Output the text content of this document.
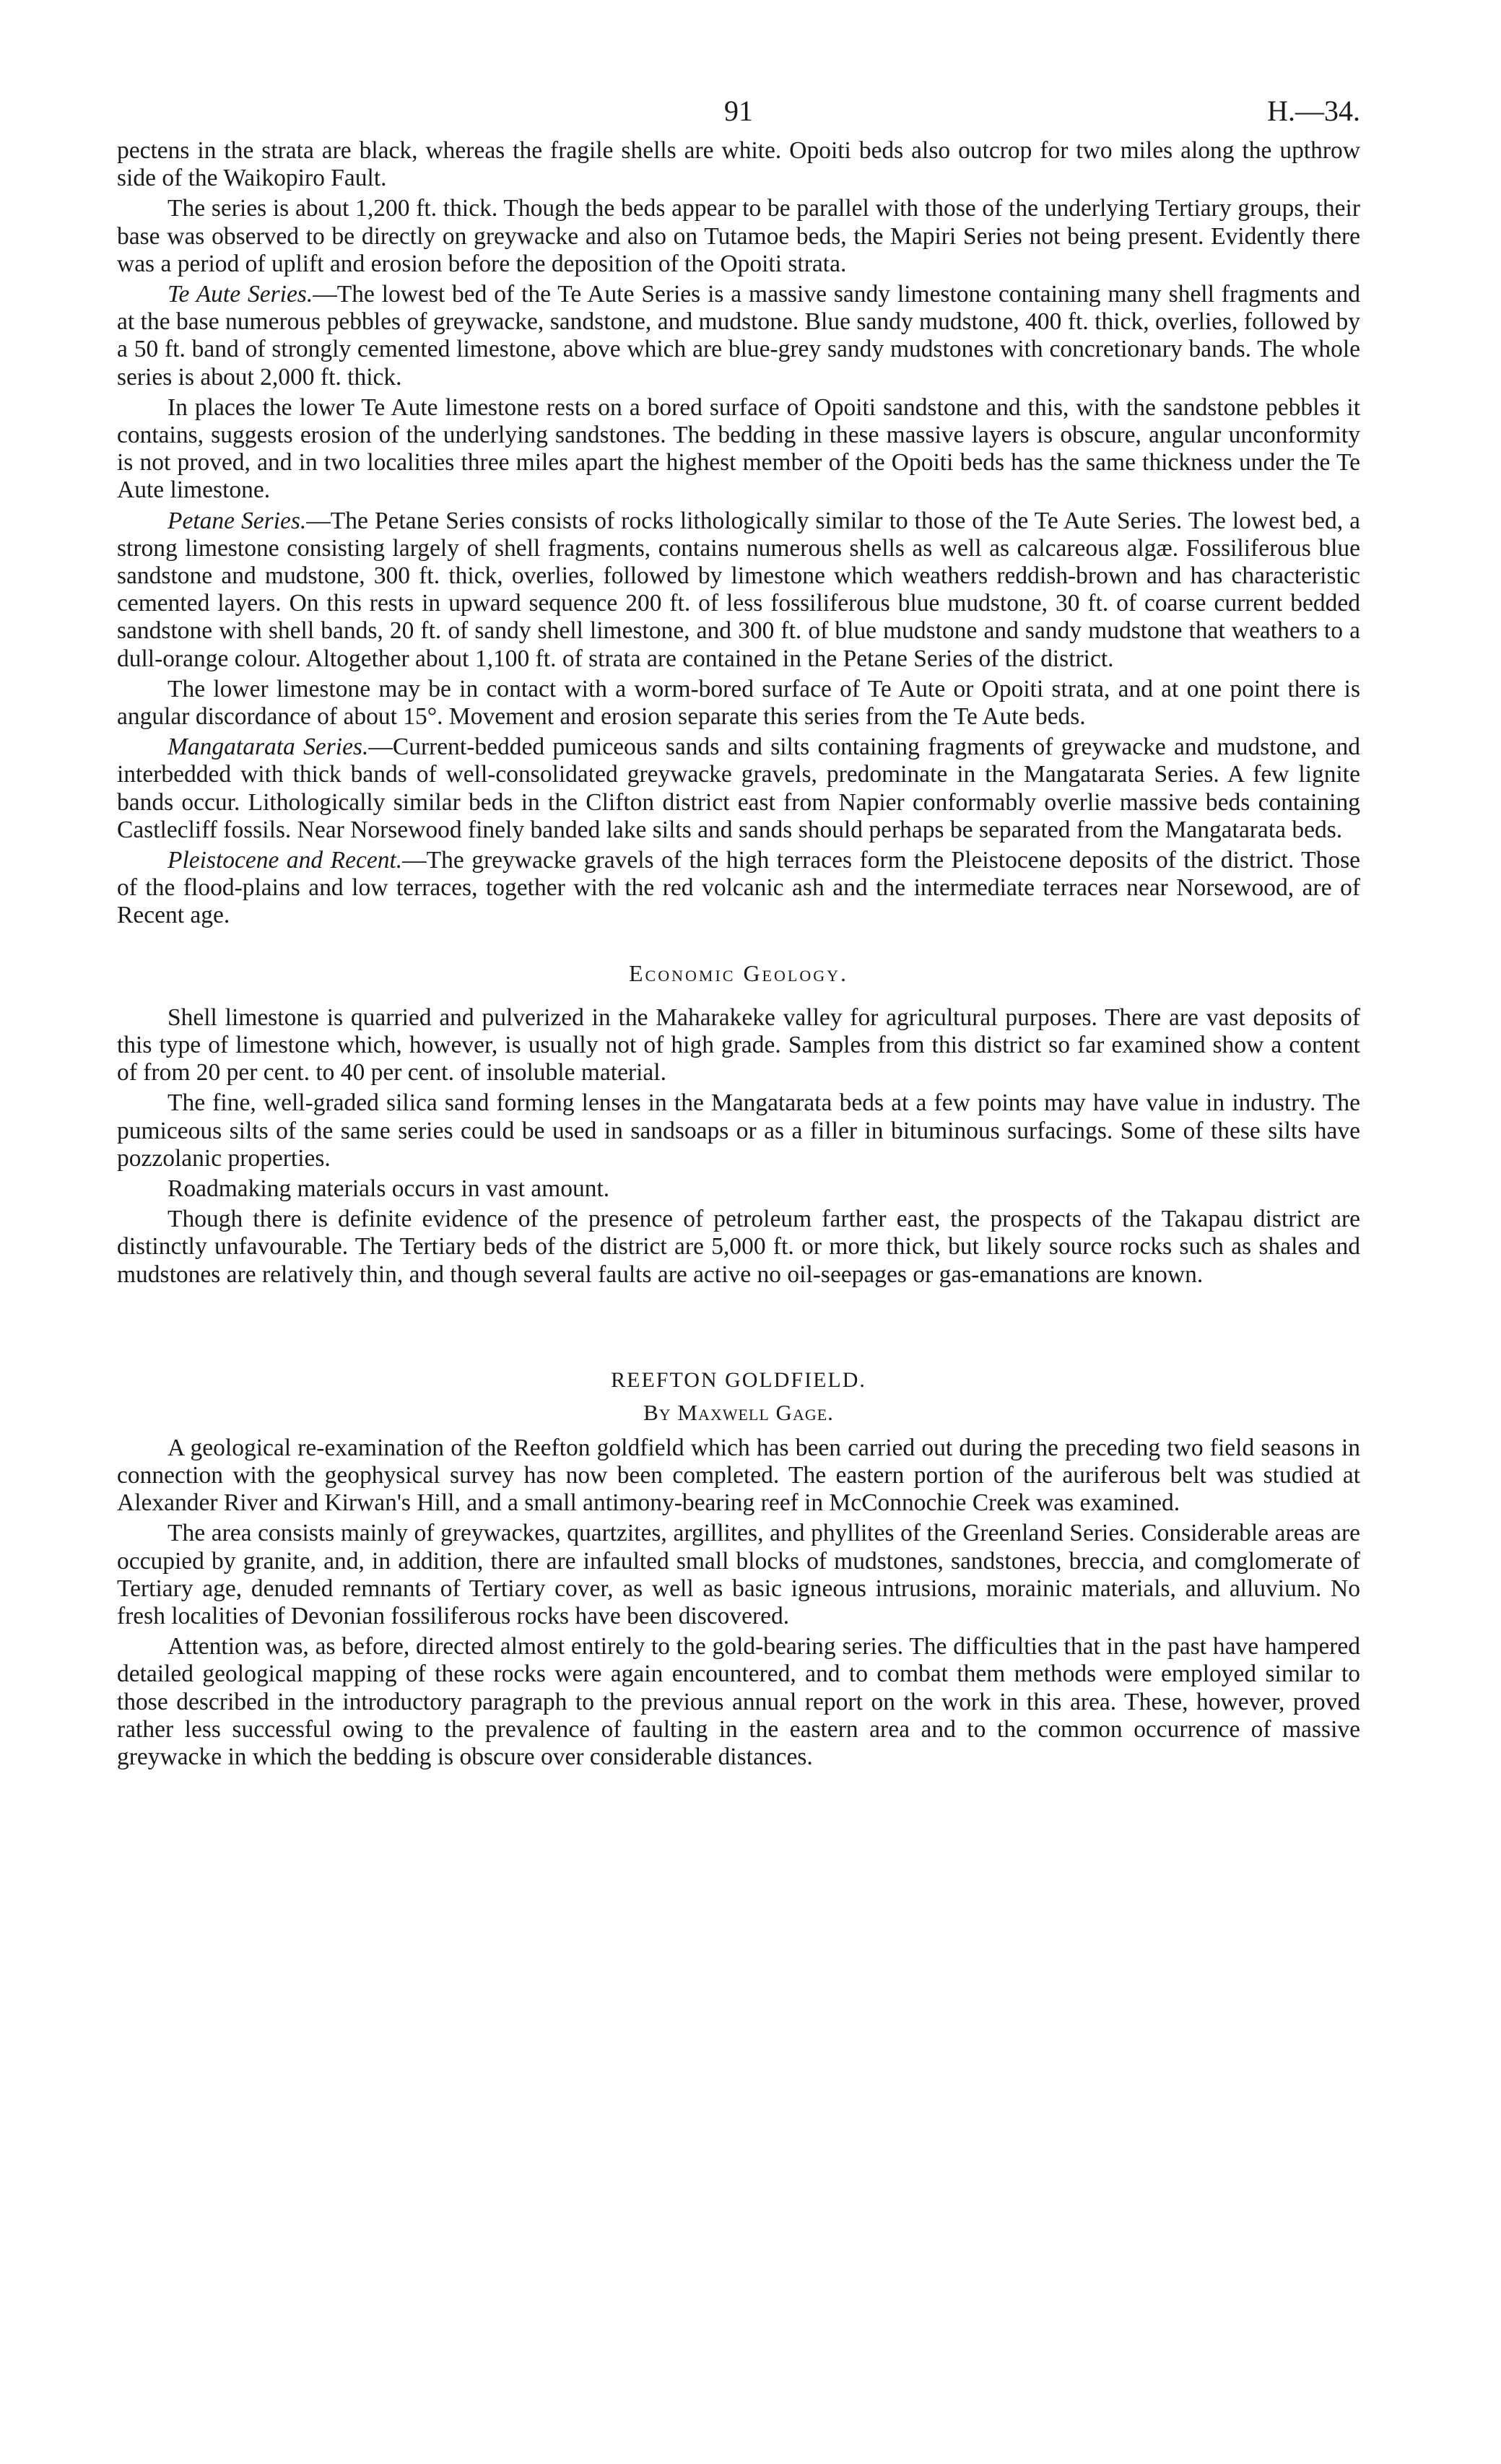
91	H.—34.

pectens in the strata are black, whereas the fragile shells are white. Opoiti beds also outcrop for two miles along the upthrow side of the Waikopiro Fault.

The series is about 1,200 ft. thick. Though the beds appear to be parallel with those of the underlying Tertiary groups, their base was observed to be directly on greywacke and also on Tutamoe beds, the Mapiri Series not being present. Evidently there was a period of uplift and erosion before the deposition of the Opoiti strata.

Te Aute Series.—The lowest bed of the Te Aute Series is a massive sandy limestone containing many shell fragments and at the base numerous pebbles of greywacke, sandstone, and mudstone. Blue sandy mudstone, 400 ft. thick, overlies, followed by a 50 ft. band of strongly cemented limestone, above which are blue-grey sandy mudstones with concretionary bands. The whole series is about 2,000 ft. thick.

In places the lower Te Aute limestone rests on a bored surface of Opoiti sandstone and this, with the sandstone pebbles it contains, suggests erosion of the underlying sandstones. The bedding in these massive layers is obscure, angular unconformity is not proved, and in two localities three miles apart the highest member of the Opoiti beds has the same thickness under the Te Aute limestone.

Petane Series.—The Petane Series consists of rocks lithologically similar to those of the Te Aute Series. The lowest bed, a strong limestone consisting largely of shell fragments, contains numerous shells as well as calcareous algæ. Fossiliferous blue sandstone and mudstone, 300 ft. thick, overlies, followed by limestone which weathers reddish-brown and has characteristic cemented layers. On this rests in upward sequence 200 ft. of less fossiliferous blue mudstone, 30 ft. of coarse current bedded sandstone with shell bands, 20 ft. of sandy shell limestone, and 300 ft. of blue mudstone and sandy mudstone that weathers to a dull-orange colour. Altogether about 1,100 ft. of strata are contained in the Petane Series of the district.

The lower limestone may be in contact with a worm-bored surface of Te Aute or Opoiti strata, and at one point there is angular discordance of about 15°. Movement and erosion separate this series from the Te Aute beds.

Mangatarata Series.—Current-bedded pumiceous sands and silts containing fragments of greywacke and mudstone, and interbedded with thick bands of well-consolidated greywacke gravels, predominate in the Mangatarata Series. A few lignite bands occur. Lithologically similar beds in the Clifton district east from Napier conformably overlie massive beds containing Castlecliff fossils. Near Norsewood finely banded lake silts and sands should perhaps be separated from the Mangatarata beds.

Pleistocene and Recent.—The greywacke gravels of the high terraces form the Pleistocene deposits of the district. Those of the flood-plains and low terraces, together with the red volcanic ash and the intermediate terraces near Norsewood, are of Recent age.

Economic Geology.

Shell limestone is quarried and pulverized in the Maharakeke valley for agricultural purposes. There are vast deposits of this type of limestone which, however, is usually not of high grade. Samples from this district so far examined show a content of from 20 per cent. to 40 per cent. of insoluble material.

The fine, well-graded silica sand forming lenses in the Mangatarata beds at a few points may have value in industry. The pumiceous silts of the same series could be used in sandsoaps or as a filler in bituminous surfacings. Some of these silts have pozzolanic properties.

Roadmaking materials occurs in vast amount.

Though there is definite evidence of the presence of petroleum farther east, the prospects of the Takapau district are distinctly unfavourable. The Tertiary beds of the district are 5,000 ft. or more thick, but likely source rocks such as shales and mudstones are relatively thin, and though several faults are active no oil-seepages or gas-emanations are known.

REEFTON GOLDFIELD.
By Maxwell Gage.

A geological re-examination of the Reefton goldfield which has been carried out during the preceding two field seasons in connection with the geophysical survey has now been completed. The eastern portion of the auriferous belt was studied at Alexander River and Kirwan's Hill, and a small antimony-bearing reef in McConnochie Creek was examined.

The area consists mainly of greywackes, quartzites, argillites, and phyllites of the Greenland Series. Considerable areas are occupied by granite, and, in addition, there are infaulted small blocks of mudstones, sandstones, breccia, and comglomerate of Tertiary age, denuded remnants of Tertiary cover, as well as basic igneous intrusions, morainic materials, and alluvium. No fresh localities of Devonian fossiliferous rocks have been discovered.

Attention was, as before, directed almost entirely to the gold-bearing series. The difficulties that in the past have hampered detailed geological mapping of these rocks were again encountered, and to combat them methods were employed similar to those described in the introductory paragraph to the previous annual report on the work in this area. These, however, proved rather less successful owing to the prevalence of faulting in the eastern area and to the common occurrence of massive greywacke in which the bedding is obscure over considerable distances.
